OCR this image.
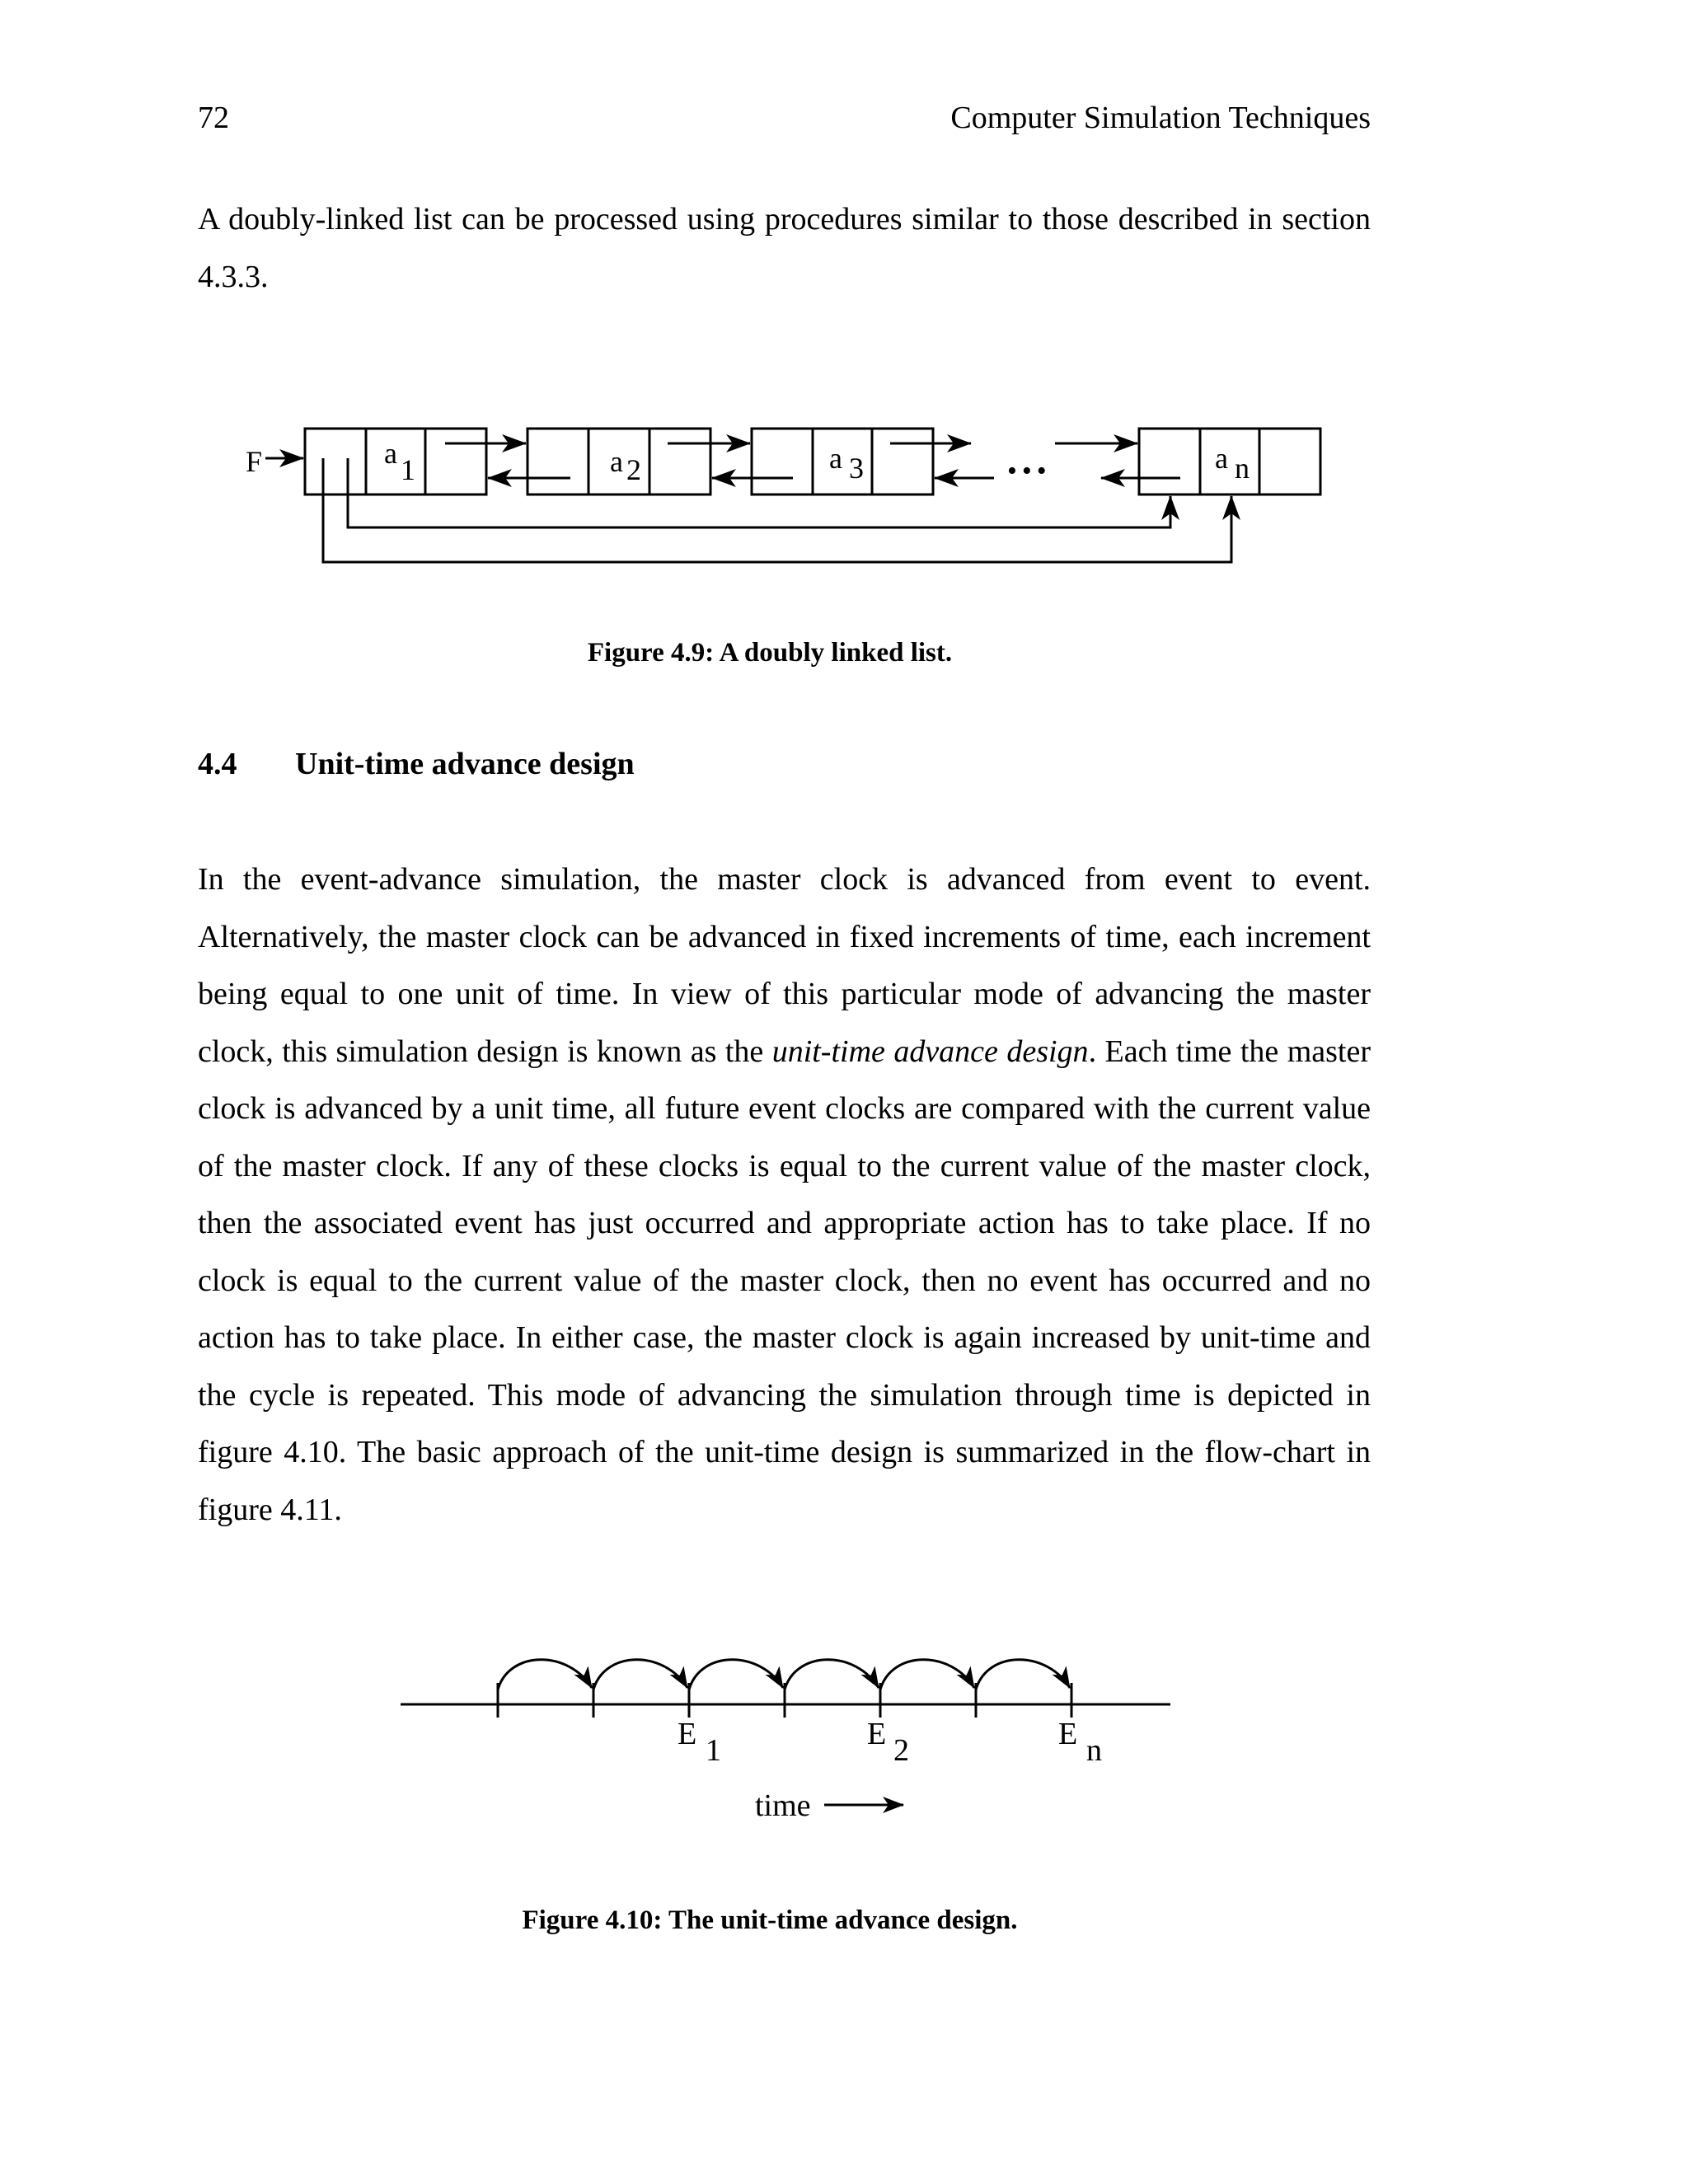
72	Computer Simulation Techniques

A doubly-linked list can be processed using procedures similar to those described in section 4.3.3.

F	a 1	a 2	a 3	a n
•••
Figure 4.9: A doubly linked list.
4.4 Unit-time advance design

In the event-advance simulation, the master clock is advanced from event to event. Alternatively, the master clock can be advanced in fixed increments of time, each increment being equal to one unit of time. In view of this particular mode of advancing the master clock, this simulation design is known as the unit-time advance design. Each time the master clock is advanced by a unit time, all future event clocks are compared with the current value of the master clock. If any of these clocks is equal to the current value of the master clock, then the associated event has just occurred and appropriate action has to take place. If no clock is equal to the current value of the master clock, then no event has occurred and no action has to take place. In either case, the master clock is again increased by unit-time and the cycle is repeated. This mode of advancing the simulation through time is depicted in figure 4.10. The basic approach of the unit-time design is summarized in the flow-chart in figure 4.11.

E 1	E 2	E n
time
Figure 4.10: The unit-time advance design.
